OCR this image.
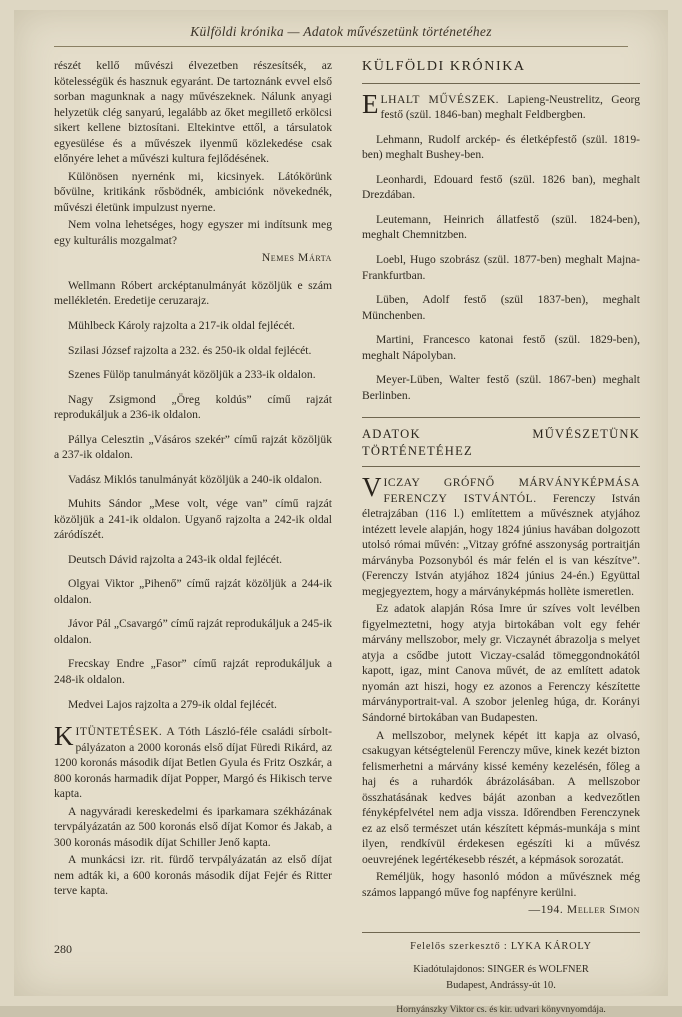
Külföldi krónika — Adatok művészetünk történetéhez

részét kellő művészi élvezetben részesítsék, az kötelességük és hasznuk egyaránt. De tartoznánk evvel első sorban magunknak a nagy művészeknek. Nálunk anyagi helyzetük clég sanyarú, legalább az őket megillető erkölcsi sikert kellene biztosítani. Eltekintve ettől, a társulatok egyesülése és a művészek ilyenmű közlekedése csak előnyére lehet a művészi kultura fejlődésének.

Különösen nyernénk mi, kicsinyek. Látókörünk bővülne, kritikánk rősbödnék, ambiciónk növekednék, művészi életünk impulzust nyerne.

Nem volna lehetséges, hogy egyszer mi indítsunk meg egy kulturális mozgalmat?

Nemes Márta

Wellmann Róbert arcképtanulmányát közöljük e szám mellékletén. Eredetije ceruzarajz.

Mühlbeck Károly rajzolta a 217-ik oldal fejlécét.

Szilasi József rajzolta a 232. és 250-ik oldal fejlécét.

Szenes Fülöp tanulmányát közöljük a 233-ik oldalon.

Nagy Zsigmond „Öreg koldús” című rajzát reprodukáljuk a 236-ik oldalon.

Pállya Celesztin „Vásáros szekér” című rajzát közöljük a 237-ik oldalon.

Vadász Miklós tanulmányát közöljük a 240-ik oldalon.

Muhits Sándor „Mese volt, vége van” című rajzát közöljük a 241-ik oldalon. Ugyanő rajzolta a 242-ik oldal záródíszét.

Deutsch Dávid rajzolta a 243-ik oldal fejlécét.

Olgyai Viktor „Pihenő” című rajzát közöljük a 244-ik oldalon.

Jávor Pál „Csavargó” című rajzát reprodukáljuk a 245-ik oldalon.

Frecskay Endre „Fasor” című rajzát reprodukáljuk a 248-ik oldalon.

Medvei Lajos rajzolta a 279-ik oldal fejlécét.

KITÜNTETÉSEK. A Tóth László-féle családi sírbolt-pályázaton a 2000 koronás első díjat Füredi Rikárd, az 1200 koronás második díjat Betlen Gyula és Fritz Oszkár, a 800 koronás harmadik díjat Popper, Margó és Hikisch terve kapta.

A nagyváradi kereskedelmi és iparkamara székházának tervpályázatán az 500 koronás első díjat Komor és Jakab, a 300 koronás második díjat Schiller Jenő kapta.

A munkácsi izr. rit. fürdő tervpályázatán az első díjat nem adták ki, a 600 koronás második díjat Fejér és Ritter terve kapta.

KÜLFÖLDI KRÓNIKA

ELHALT MŰVÉSZEK. Lapieng-Neustrelitz, Georg festő (szül. 1846-ban) meghalt Feldbergben.

Lehmann, Rudolf arckép- és életképfestő (szül. 1819-ben) meghalt Bushey-ben.

Leonhardi, Edouard festő (szül. 1826 ban), meghalt Drezdában.

Leutemann, Heinrich állatfestő (szül. 1824-ben), meghalt Chemnitzben.

Loebl, Hugo szobrász (szül. 1877-ben) meghalt Majna-Frankfurtban.

Lüben, Adolf festő (szül 1837-ben), meghalt Münchenben.

Martini, Francesco katonai festő (szül. 1829-ben), meghalt Nápolyban.

Meyer-Lüben, Walter festő (szül. 1867-ben) meghalt Berlinben.

ADATOK MŰVÉSZETÜNK TÖRTÉNETÉHEZ

VICZAY GRÓFNŐ MÁRVÁNYKÉPMÁSA FERENCZY ISTVÁNTÓL. Ferenczy István életrajzában (116 l.) említettem a művésznek atyjához intézett levele alapján, hogy 1824 június havában dolgozott utolsó római művén: „Vitzay grófné asszonyság portraitján márványba Pozsonyból és már felén el is van készítve”. (Ferenczy István atyjához 1824 június 24-én.) Együttal megjegyeztem, hogy a márványképmás hollète ismeretlen.

Ez adatok alapján Rósa Imre úr szíves volt levélben figyelmeztetni, hogy atyja birtokában volt egy fehér márvány mellszobor, mely gr. Viczaynét ábrazolja s melyet atyja a csődbe jutott Viczay-család tömeggondnokától kapott, igaz, mint Canova művét, de az említett adatok nyomán azt hiszi, hogy ez azonos a Ferenczy készítette márványportrait-val. A szobor jelenleg húga, dr. Korányi Sándorné birtokában van Budapesten.

A mellszobor, melynek képét itt kapja az olvasó, csakugyan kétségtelenül Ferenczy műve, kinek kezét bizton felismerhetni a márvány kissé kemény kezelésén, főleg a haj és a ruhardók ábrázolásában. A mellszobor összhatásának kedves báját azonban a kedvezőtlen fényképfelvétel nem adja vissza. Időrendben Ferenczynek ez az első természet után készített képmás-munkája s mint ilyen, rendkívül érdekesen egészíti ki a művész oeuvrejének legértékesebb részét, a képmások sorozatát.

Reméljük, hogy hasonló módon a művésznek még számos lappangó műve fog napfényre kerülni.

—194. Meller Simon
Felelős szerkesztő : LYKA KÁROLY
Kiadótulajdonos: SINGER és WOLFNER
Budapest, Andrássy-út 10.
Hornyánszky Viktor cs. és kir. udvari könyvnyomdája.
280
